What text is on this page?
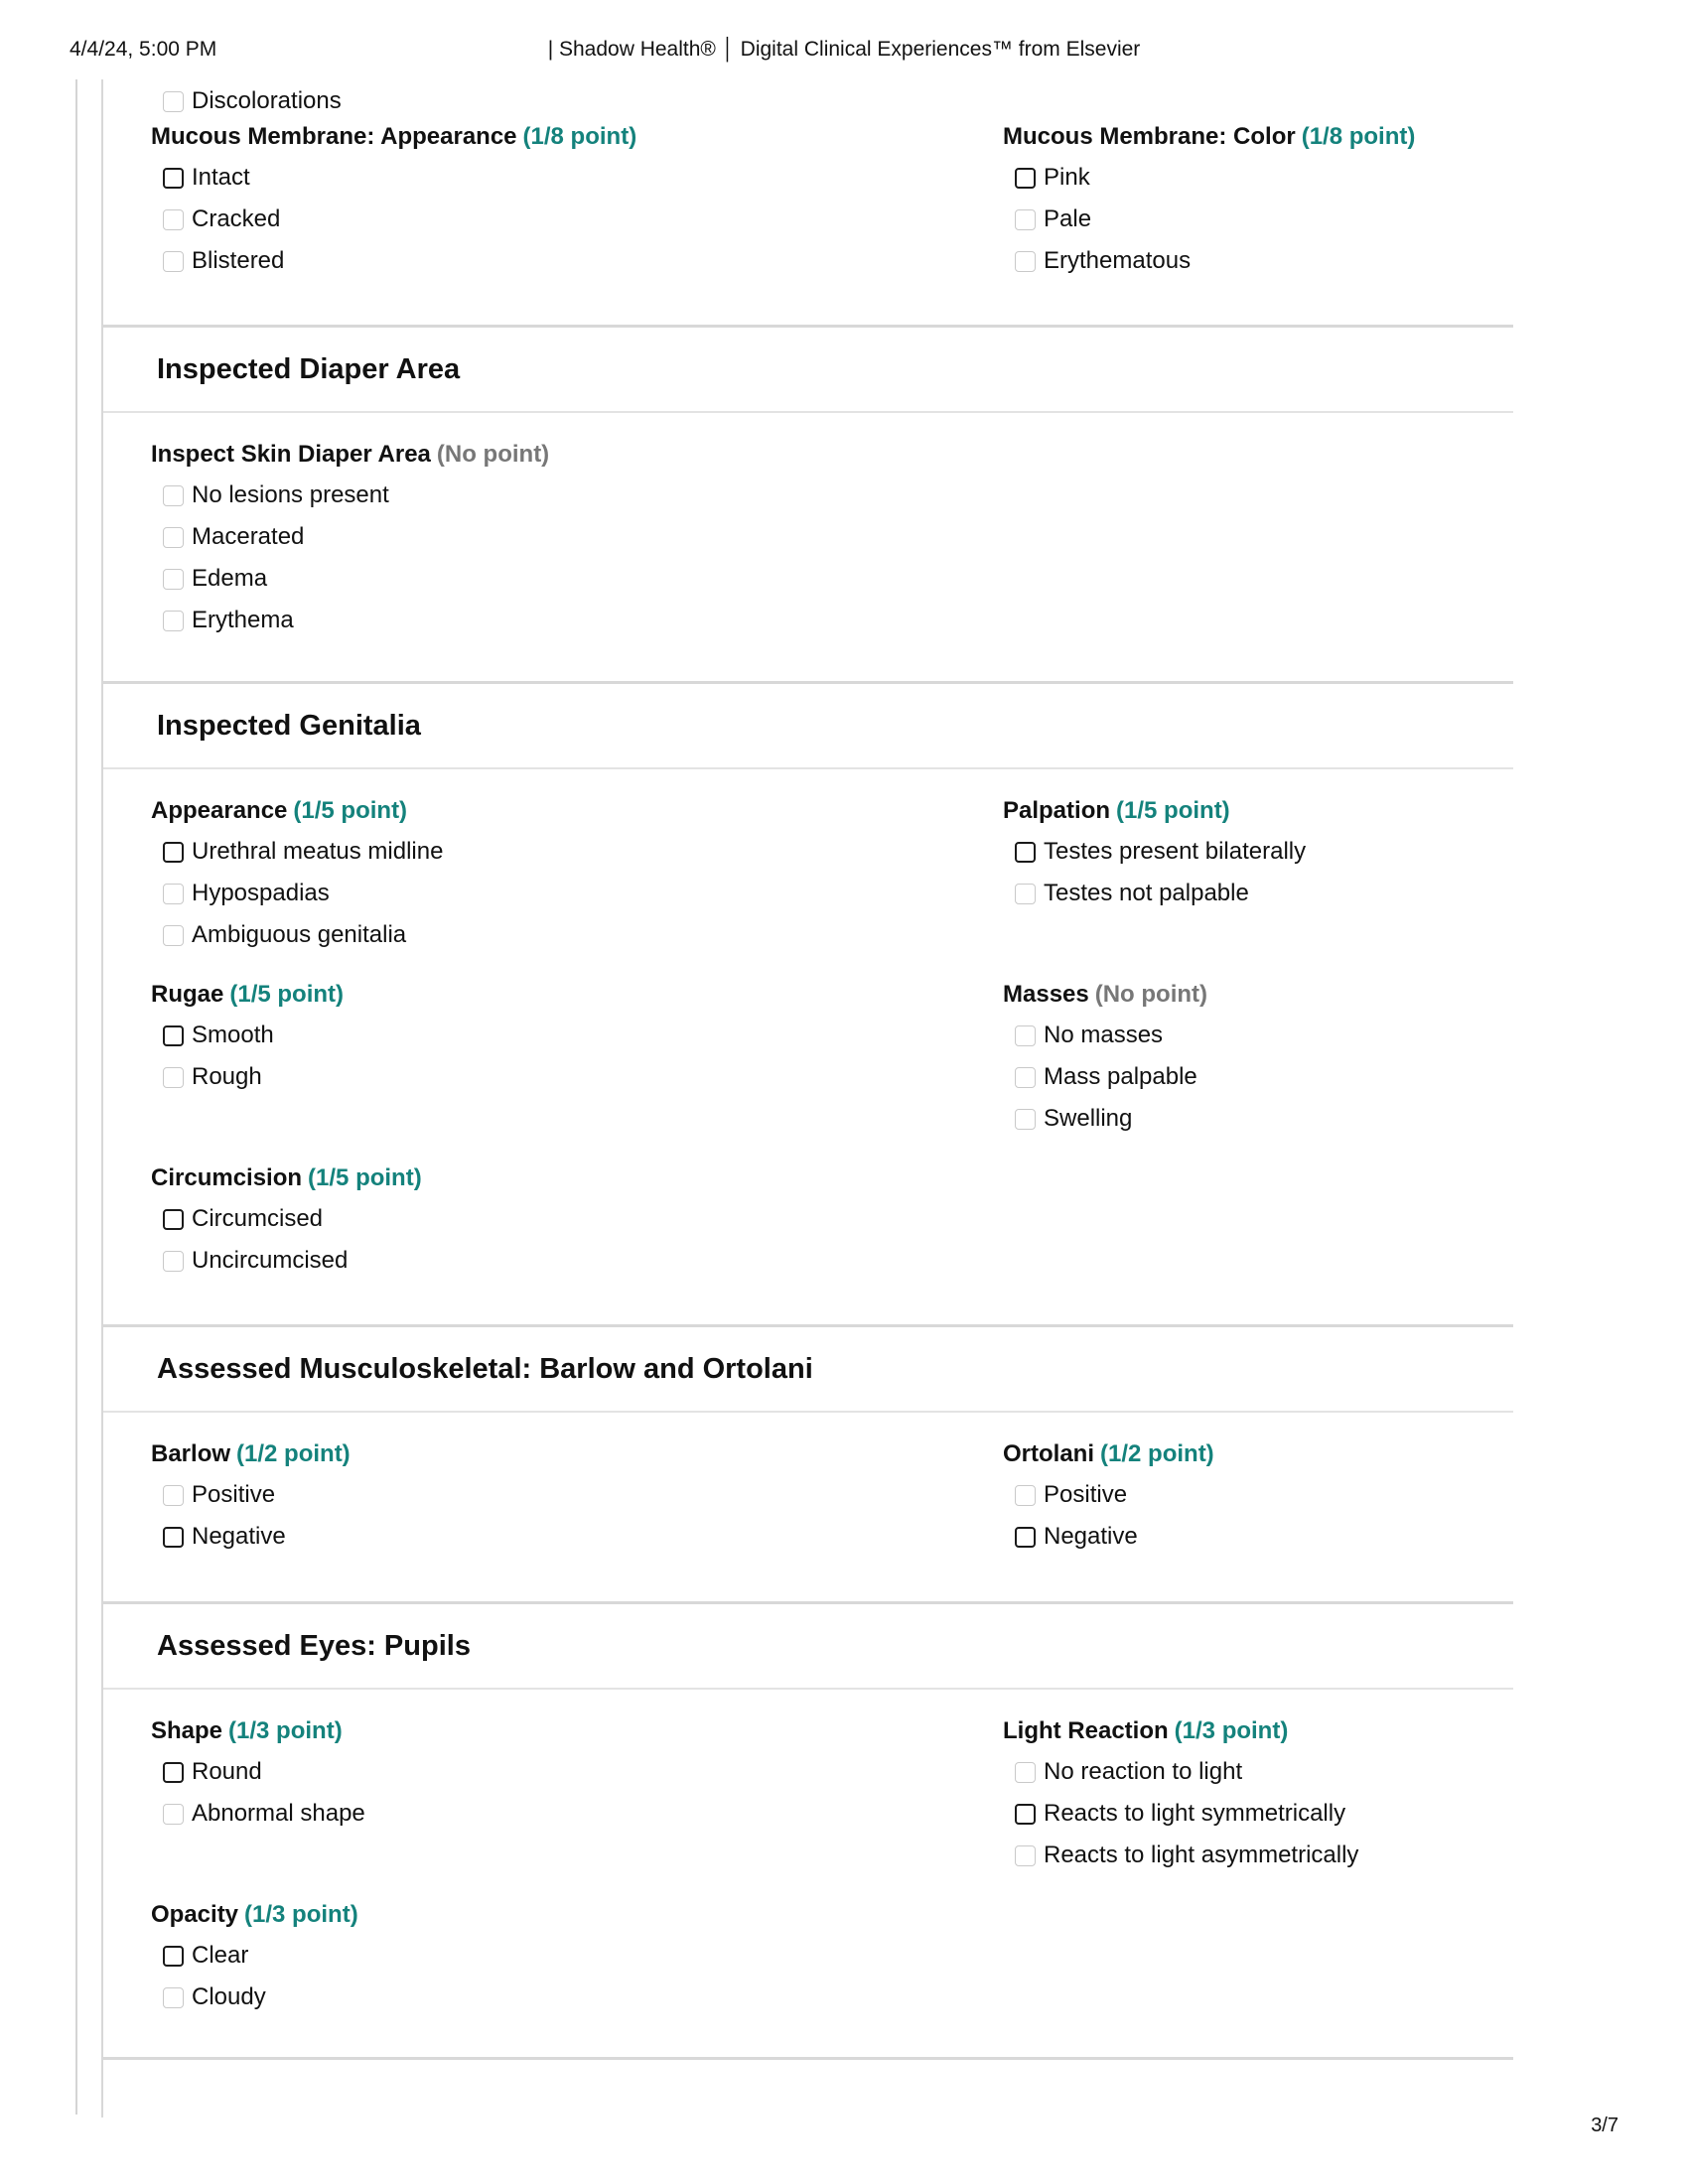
4/4/24, 5:00 PM	| Shadow Health® │ Digital Clinical Experiences™ from Elsevier
3/7
Discolorations
Mucous Membrane: Appearance (1/8 point)
Intact
Cracked
Blistered
Mucous Membrane: Color (1/8 point)
Pink
Pale
Erythematous
Inspected Diaper Area
Inspect Skin Diaper Area (No point)
No lesions present
Macerated
Edema
Erythema
Inspected Genitalia
Appearance (1/5 point)
Urethral meatus midline
Hypospadias
Ambiguous genitalia
Palpation (1/5 point)
Testes present bilaterally
Testes not palpable
Rugae (1/5 point)
Smooth
Rough
Masses (No point)
No masses
Mass palpable
Swelling
Circumcision (1/5 point)
Circumcised
Uncircumcised
Assessed Musculoskeletal: Barlow and Ortolani
Barlow (1/2 point)
Positive
Negative
Ortolani (1/2 point)
Positive
Negative
Assessed Eyes: Pupils
Shape (1/3 point)
Round
Abnormal shape
Light Reaction (1/3 point)
No reaction to light
Reacts to light symmetrically
Reacts to light asymmetrically
Opacity (1/3 point)
Clear
Cloudy
